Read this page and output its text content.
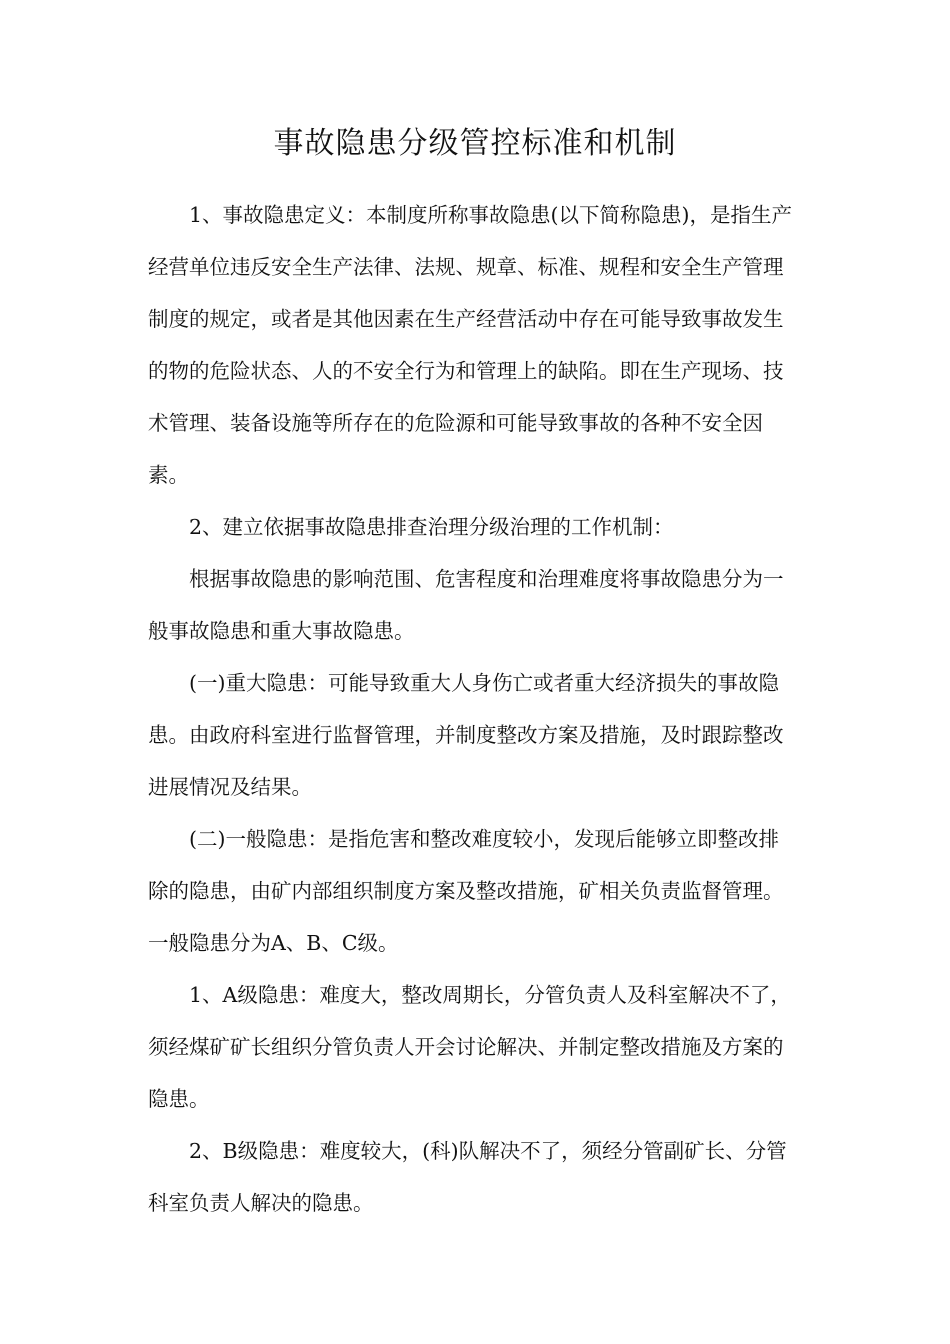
事故隐患分级管控标准和机制

1、事故隐患定义：本制度所称事故隐患(以下简称隐患)，是指生产经营单位违反安全生产法律、法规、规章、标准、规程和安全生产管理制度的规定，或者是其他因素在生产经营活动中存在可能导致事故发生的物的危险状态、人的不安全行为和管理上的缺陷。即在生产现场、技术管理、装备设施等所存在的危险源和可能导致事故的各种不安全因素。

2、建立依据事故隐患排查治理分级治理的工作机制：

根据事故隐患的影响范围、危害程度和治理难度将事故隐患分为一般事故隐患和重大事故隐患。

(一)重大隐患：可能导致重大人身伤亡或者重大经济损失的事故隐患。由政府科室进行监督管理，并制度整改方案及措施，及时跟踪整改进展情况及结果。

(二)一般隐患：是指危害和整改难度较小，发现后能够立即整改排除的隐患，由矿内部组织制度方案及整改措施，矿相关负责监督管理。一般隐患分为A、B、C级。

1、A级隐患：难度大，整改周期长，分管负责人及科室解决不了，须经煤矿矿长组织分管负责人开会讨论解决、并制定整改措施及方案的隐患。

2、B级隐患：难度较大，(科)队解决不了，须经分管副矿长、分管科室负责人解决的隐患。
